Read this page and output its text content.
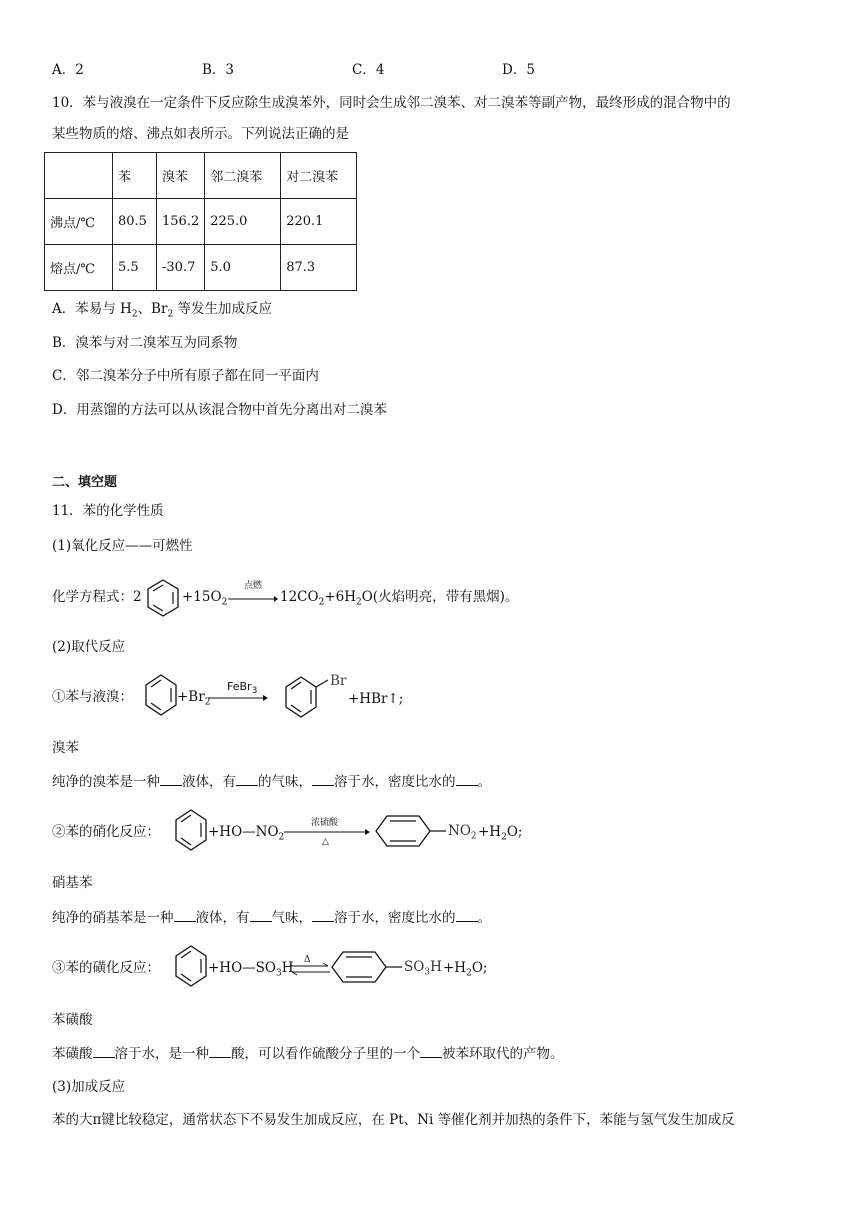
A．2	B．3	C．4	D．5
10．苯与液溴在一定条件下反应除生成溴苯外，同时会生成邻二溴苯、对二溴苯等副产物，最终形成的混合物中的
某些物质的熔、沸点如表所示。下列说法正确的是
	苯	溴苯	邻二溴苯	对二溴苯
沸点/℃	80.5	156.2	225.0	220.1
熔点/℃	5.5	-30.7	5.0	87.3
A．苯易与 $H_2$、$Br_2$ 等发生加成反应
B．溴苯与对二溴苯互为同系物
C．邻二溴苯分子中所有原子都在同一平面内
D．用蒸馏的方法可以从该混合物中首先分离出对二溴苯
二、填空题
11．苯的化学性质
(1)氧化反应——可燃性
化学方程式：2	$+15O_2$
点燃
→ $12CO_2+6H_2O$(火焰明亮，带有黑烟)。
(2)取代反应
①苯与液溴：	$+Br_2$
FeBr$_3$
Br
+HBr↑;
溴苯
纯净的溴苯是一种 液体，有 的气味， 溶于水，密度比水的 。
②苯的硝化反应：	$+HO—NO_2$
浓硫酸
△
$NO_2 +H_2O$;
硝基苯
纯净的硝基苯是一种 液体，有 气味， 溶于水，密度比水的 。
③苯的磺化反应：	$+HO—SO_3H$ Δ	$SO_3H +H_2O$;
苯磺酸
苯磺酸 溶于水，是一种 酸，可以看作硫酸分子里的一个 被苯环取代的产物。
(3)加成反应
苯的大π键比较稳定，通常状态下不易发生加成反应，在 Pt、Ni 等催化剂并加热的条件下，苯能与氢气发生加成反
